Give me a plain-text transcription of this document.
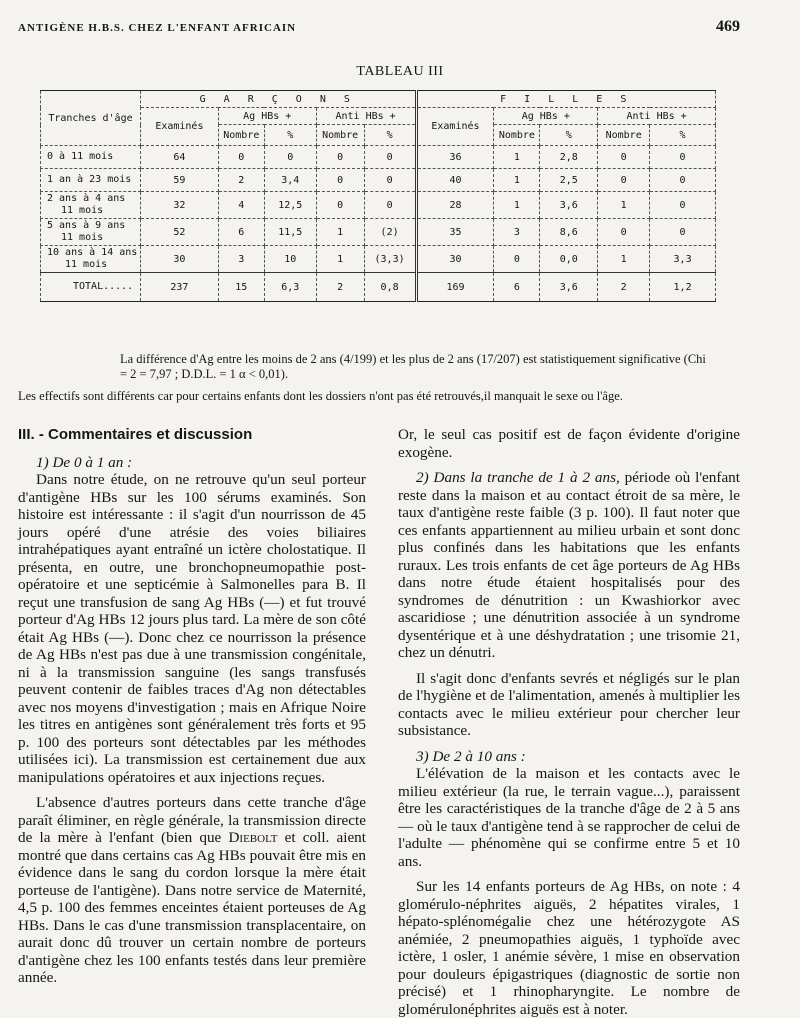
ANTIGÈNE H.B.S. CHEZ L'ENFANT AFRICAIN	469
TABLEAU III
Tranches d'âge	G A R Ç O N S					F I L L E S				
	Examinés	Ag HBs +		Anti HBs +		Examinés	Ag HBs +		Anti HBs +	
		Nombre	%	Nombre	%		Nombre	%	Nombre	%
0 à 11 mois	64	0	0	0	0	36	1	2,8	0	0
1 an à 23 mois	59	2	3,4	0	0	40	1	2,5	0	0
2 ans à 4 ans
11 mois	32	4	12,5	0	0	28	1	3,6	1	0
5 ans à 9 ans
11 mois	52	6	11,5	1	(2)	35	3	8,6	0	0
10 ans à 14 ans
11 mois	30	3	10	1	(3,3)	30	0	0,0	1	3,3
TOTAL.....	237	15	6,3	2	0,8	169	6	3,6	2	1,2
La différence d'Ag entre les moins de 2 ans (4/199) et les plus de 2 ans (17/207) est statistiquement significative (Chi = 2 = 7,97 ; D.D.L. = 1 α < 0,01).
Les effectifs sont différents car pour certains enfants dont les dossiers n'ont pas été retrouvés,il manquait le sexe ou l'âge.
III. - Commentaires et discussion

1) De 0 à 1 an :

Dans notre étude, on ne retrouve qu'un seul porteur d'antigène HBs sur les 100 sérums examinés. Son histoire est intéressante : il s'agit d'un nourrisson de 45 jours opéré d'une atrésie des voies biliaires intrahépatiques ayant entraîné un ictère cholostatique. Il présenta, en outre, une bronchopneumopathie post-opératoire et une septicémie à Salmonelles para B. Il reçut une transfusion de sang Ag HBs (—) et fut trouvé porteur d'Ag HBs 12 jours plus tard. La mère de son côté était Ag HBs (—). Donc chez ce nourrisson la présence de Ag HBs n'est pas due à une transmission congénitale, ni à la transmission sanguine (les sangs transfusés peuvent contenir de faibles traces d'Ag non détectables avec nos moyens d'investigation ; mais en Afrique Noire les titres en antigènes sont généralement très forts et 95 p. 100 des porteurs sont détectables par les méthodes utilisées ici). La transmission est certainement due aux manipulations opératoires et aux injections reçues.

L'absence d'autres porteurs dans cette tranche d'âge paraît éliminer, en règle générale, la transmission directe de la mère à l'enfant (bien que Diebolt et coll. aient montré que dans certains cas Ag HBs pouvait être mis en évidence dans le sang du cordon lorsque la mère était porteuse de l'antigène). Dans notre service de Maternité, 4,5 p. 100 des femmes enceintes étaient porteuses de Ag HBs. Dans le cas d'une transmission transplacentaire, on aurait donc dû trouver un certain nombre de porteurs d'antigène chez les 100 enfants testés dans leur première année.

Or, le seul cas positif est de façon évidente d'origine exogène.

2) Dans la tranche de 1 à 2 ans, période où l'enfant reste dans la maison et au contact étroit de sa mère, le taux d'antigène reste faible (3 p. 100). Il faut noter que ces enfants appartiennent au milieu urbain et sont donc plus confinés dans les habitations que les enfants ruraux. Les trois enfants de cet âge porteurs de Ag HBs dans notre étude étaient hospitalisés pour des syndromes de dénutrition : un Kwashiorkor avec ascaridiose ; une dénutrition associée à un syndrome dysentérique et à une déshydratation ; une trisomie 21, chez un dénutri.

Il s'agit donc d'enfants sevrés et négligés sur le plan de l'hygiène et de l'alimentation, amenés à multiplier les contacts avec le milieu extérieur pour chercher leur subsistance.

3) De 2 à 10 ans :

L'élévation de la maison et les contacts avec le milieu extérieur (la rue, le terrain vague...), paraissent être les caractéristiques de la tranche d'âge de 2 à 5 ans — où le taux d'antigène tend à se rapprocher de celui de l'adulte — phénomène qui se confirme entre 5 et 10 ans.

Sur les 14 enfants porteurs de Ag HBs, on note : 4 glomérulo-néphrites aiguës, 2 hépatites virales, 1 hépato-splénomégalie chez une hétérozygote AS anémiée, 2 pneumopathies aiguës, 1 typhoïde avec ictère, 1 osler, 1 anémie sévère, 1 mise en observation pour douleurs épigastriques (diagnostic de sortie non précisé) et 1 rhinopharyngite. Le nombre de glomérulonéphrites aiguës est à noter.
